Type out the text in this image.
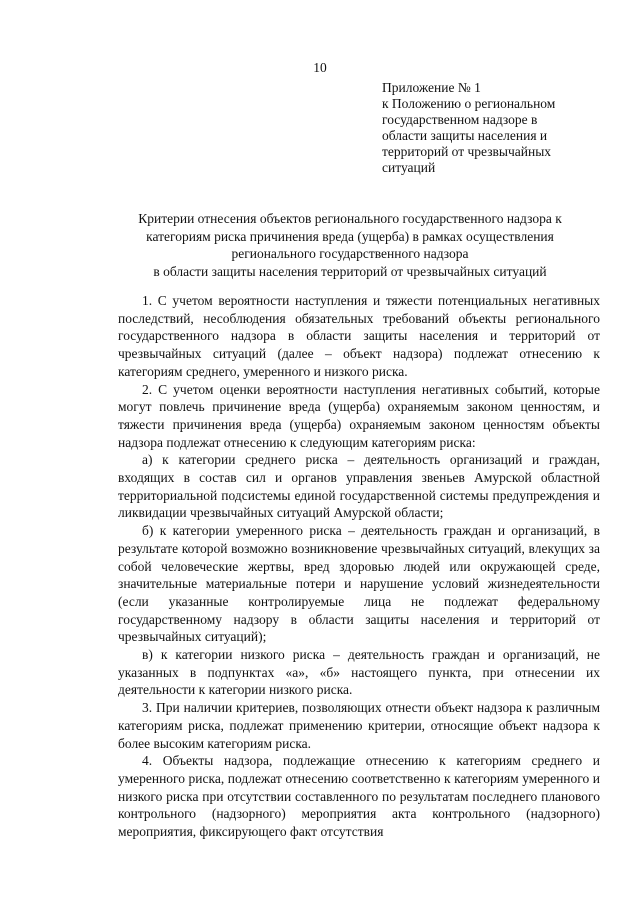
10
Приложение № 1
к Положению о региональном
государственном надзоре в
области защиты населения и
территорий от чрезвычайных
ситуаций
Критерии отнесения объектов регионального государственного надзора к
категориям риска причинения вреда (ущерба) в рамках осуществления
регионального государственного надзора
в области защиты населения территорий от чрезвычайных ситуаций

1. С учетом вероятности наступления и тяжести потенциальных негативных последствий, несоблюдения обязательных требований объекты регионального государственного надзора в области защиты населения и территорий от чрезвычайных ситуаций (далее – объект надзора) подлежат отнесению к категориям среднего, умеренного и низкого риска.

2. С учетом оценки вероятности наступления негативных событий, которые могут повлечь причинение вреда (ущерба) охраняемым законом ценностям, и тяжести причинения вреда (ущерба) охраняемым законом ценностям объекты надзора подлежат отнесению к следующим категориям риска:

а) к категории среднего риска – деятельность организаций и граждан, входящих в состав сил и органов управления звеньев Амурской областной территориальной подсистемы единой государственной системы предупреждения и ликвидации чрезвычайных ситуаций Амурской области;

б) к категории умеренного риска – деятельность граждан и организаций, в результате которой возможно возникновение чрезвычайных ситуаций, влекущих за собой человеческие жертвы, вред здоровью людей или окружающей среде, значительные материальные потери и нарушение условий жизнедеятельности (если указанные контролируемые лица не подлежат федеральному государственному надзору в области защиты населения и территорий от чрезвычайных ситуаций);

в) к категории низкого риска – деятельность граждан и организаций, не указанных в подпунктах «а», «б» настоящего пункта, при отнесении их деятельности к категории низкого риска.

3. При наличии критериев, позволяющих отнести объект надзора к различным категориям риска, подлежат применению критерии, относящие объект надзора к более высоким категориям риска.

4. Объекты надзора, подлежащие отнесению к категориям среднего и умеренного риска, подлежат отнесению соответственно к категориям умеренного и низкого риска при отсутствии составленного по результатам последнего планового контрольного (надзорного) мероприятия акта контрольного (надзорного) мероприятия, фиксирующего факт отсутствия
